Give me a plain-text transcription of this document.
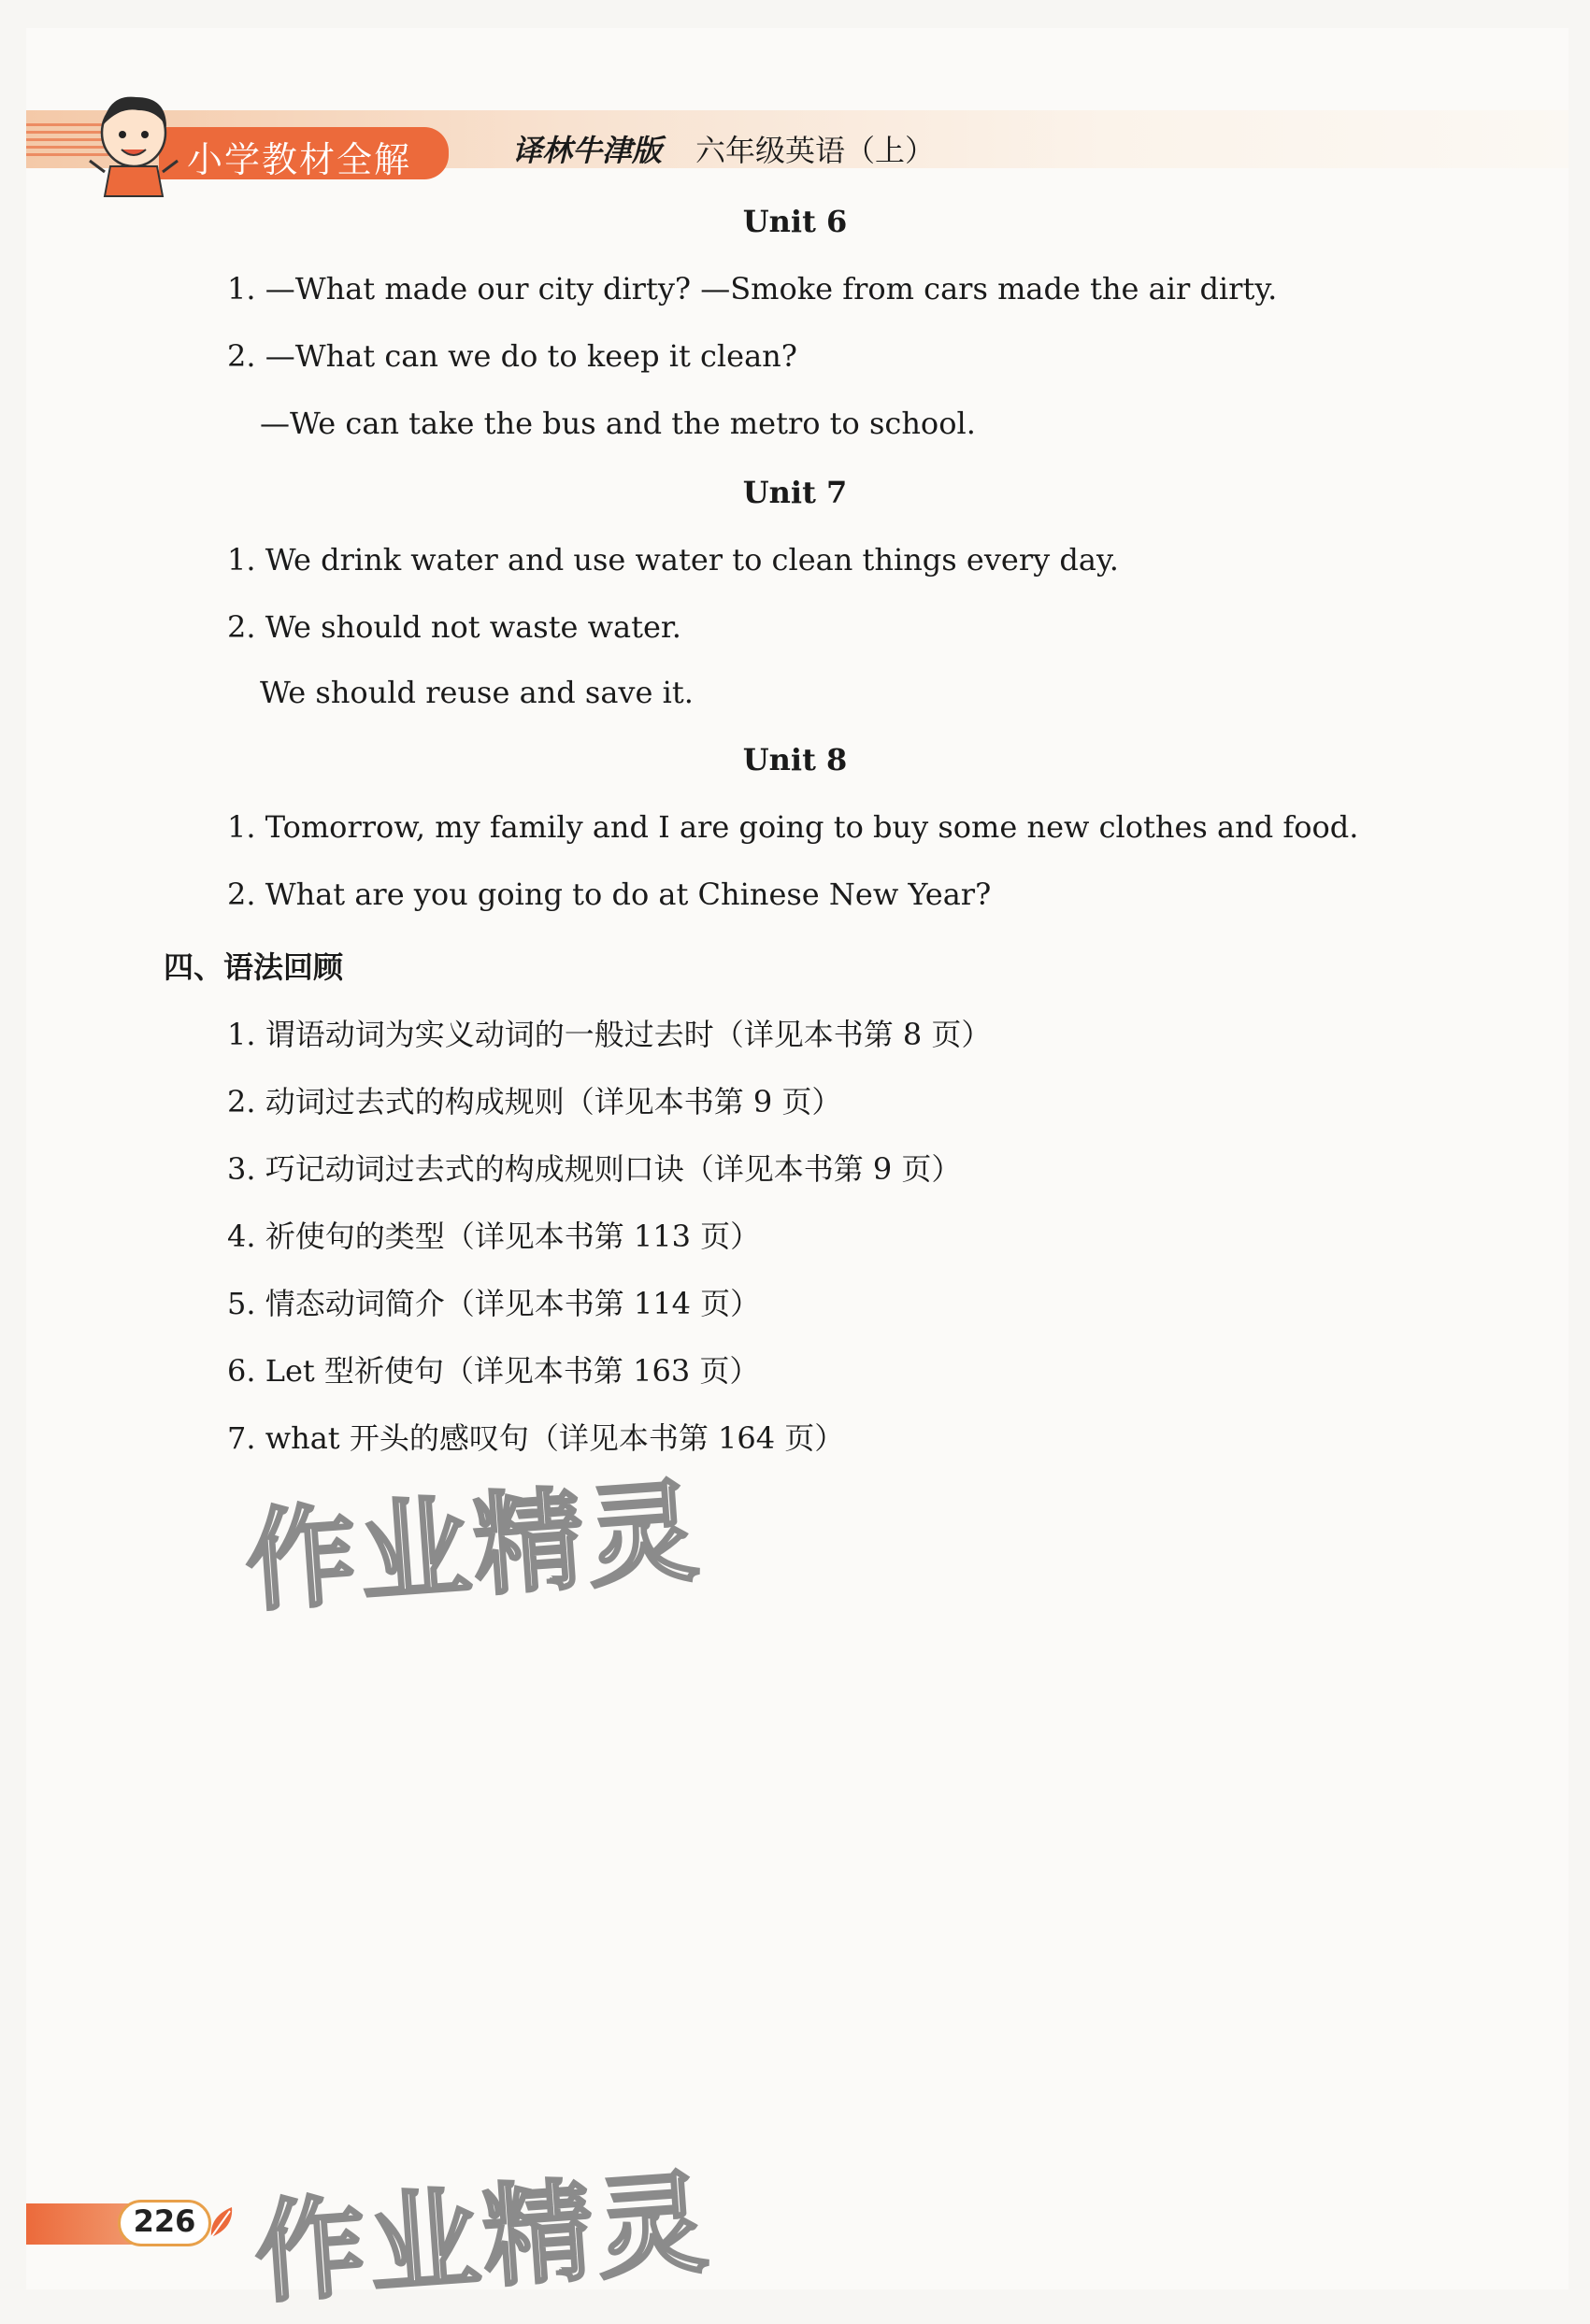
小学教材全解	译林牛津版 六年级英语（上）
Unit 6
1. —What made our city dirty? —Smoke from cars made the air dirty.
2. —What can we do to keep it clean?
—We can take the bus and the metro to school.
Unit 7
1. We drink water and use water to clean things every day.
2. We should not waste water.
We should reuse and save it.
Unit 8
1. Tomorrow, my family and I are going to buy some new clothes and food.
2. What are you going to do at Chinese New Year?
四、语法回顾
1. 谓语动词为实义动词的一般过去时（详见本书第 8 页）
2. 动词过去式的构成规则（详见本书第 9 页）
3. 巧记动词过去式的构成规则口诀（详见本书第 9 页）
4. 祈使句的类型（详见本书第 113 页）
5. 情态动词简介（详见本书第 114 页）
6. Let 型祈使句（详见本书第 163 页）
7. what 开头的感叹句（详见本书第 164 页）
作业精灵
作业精灵
226
